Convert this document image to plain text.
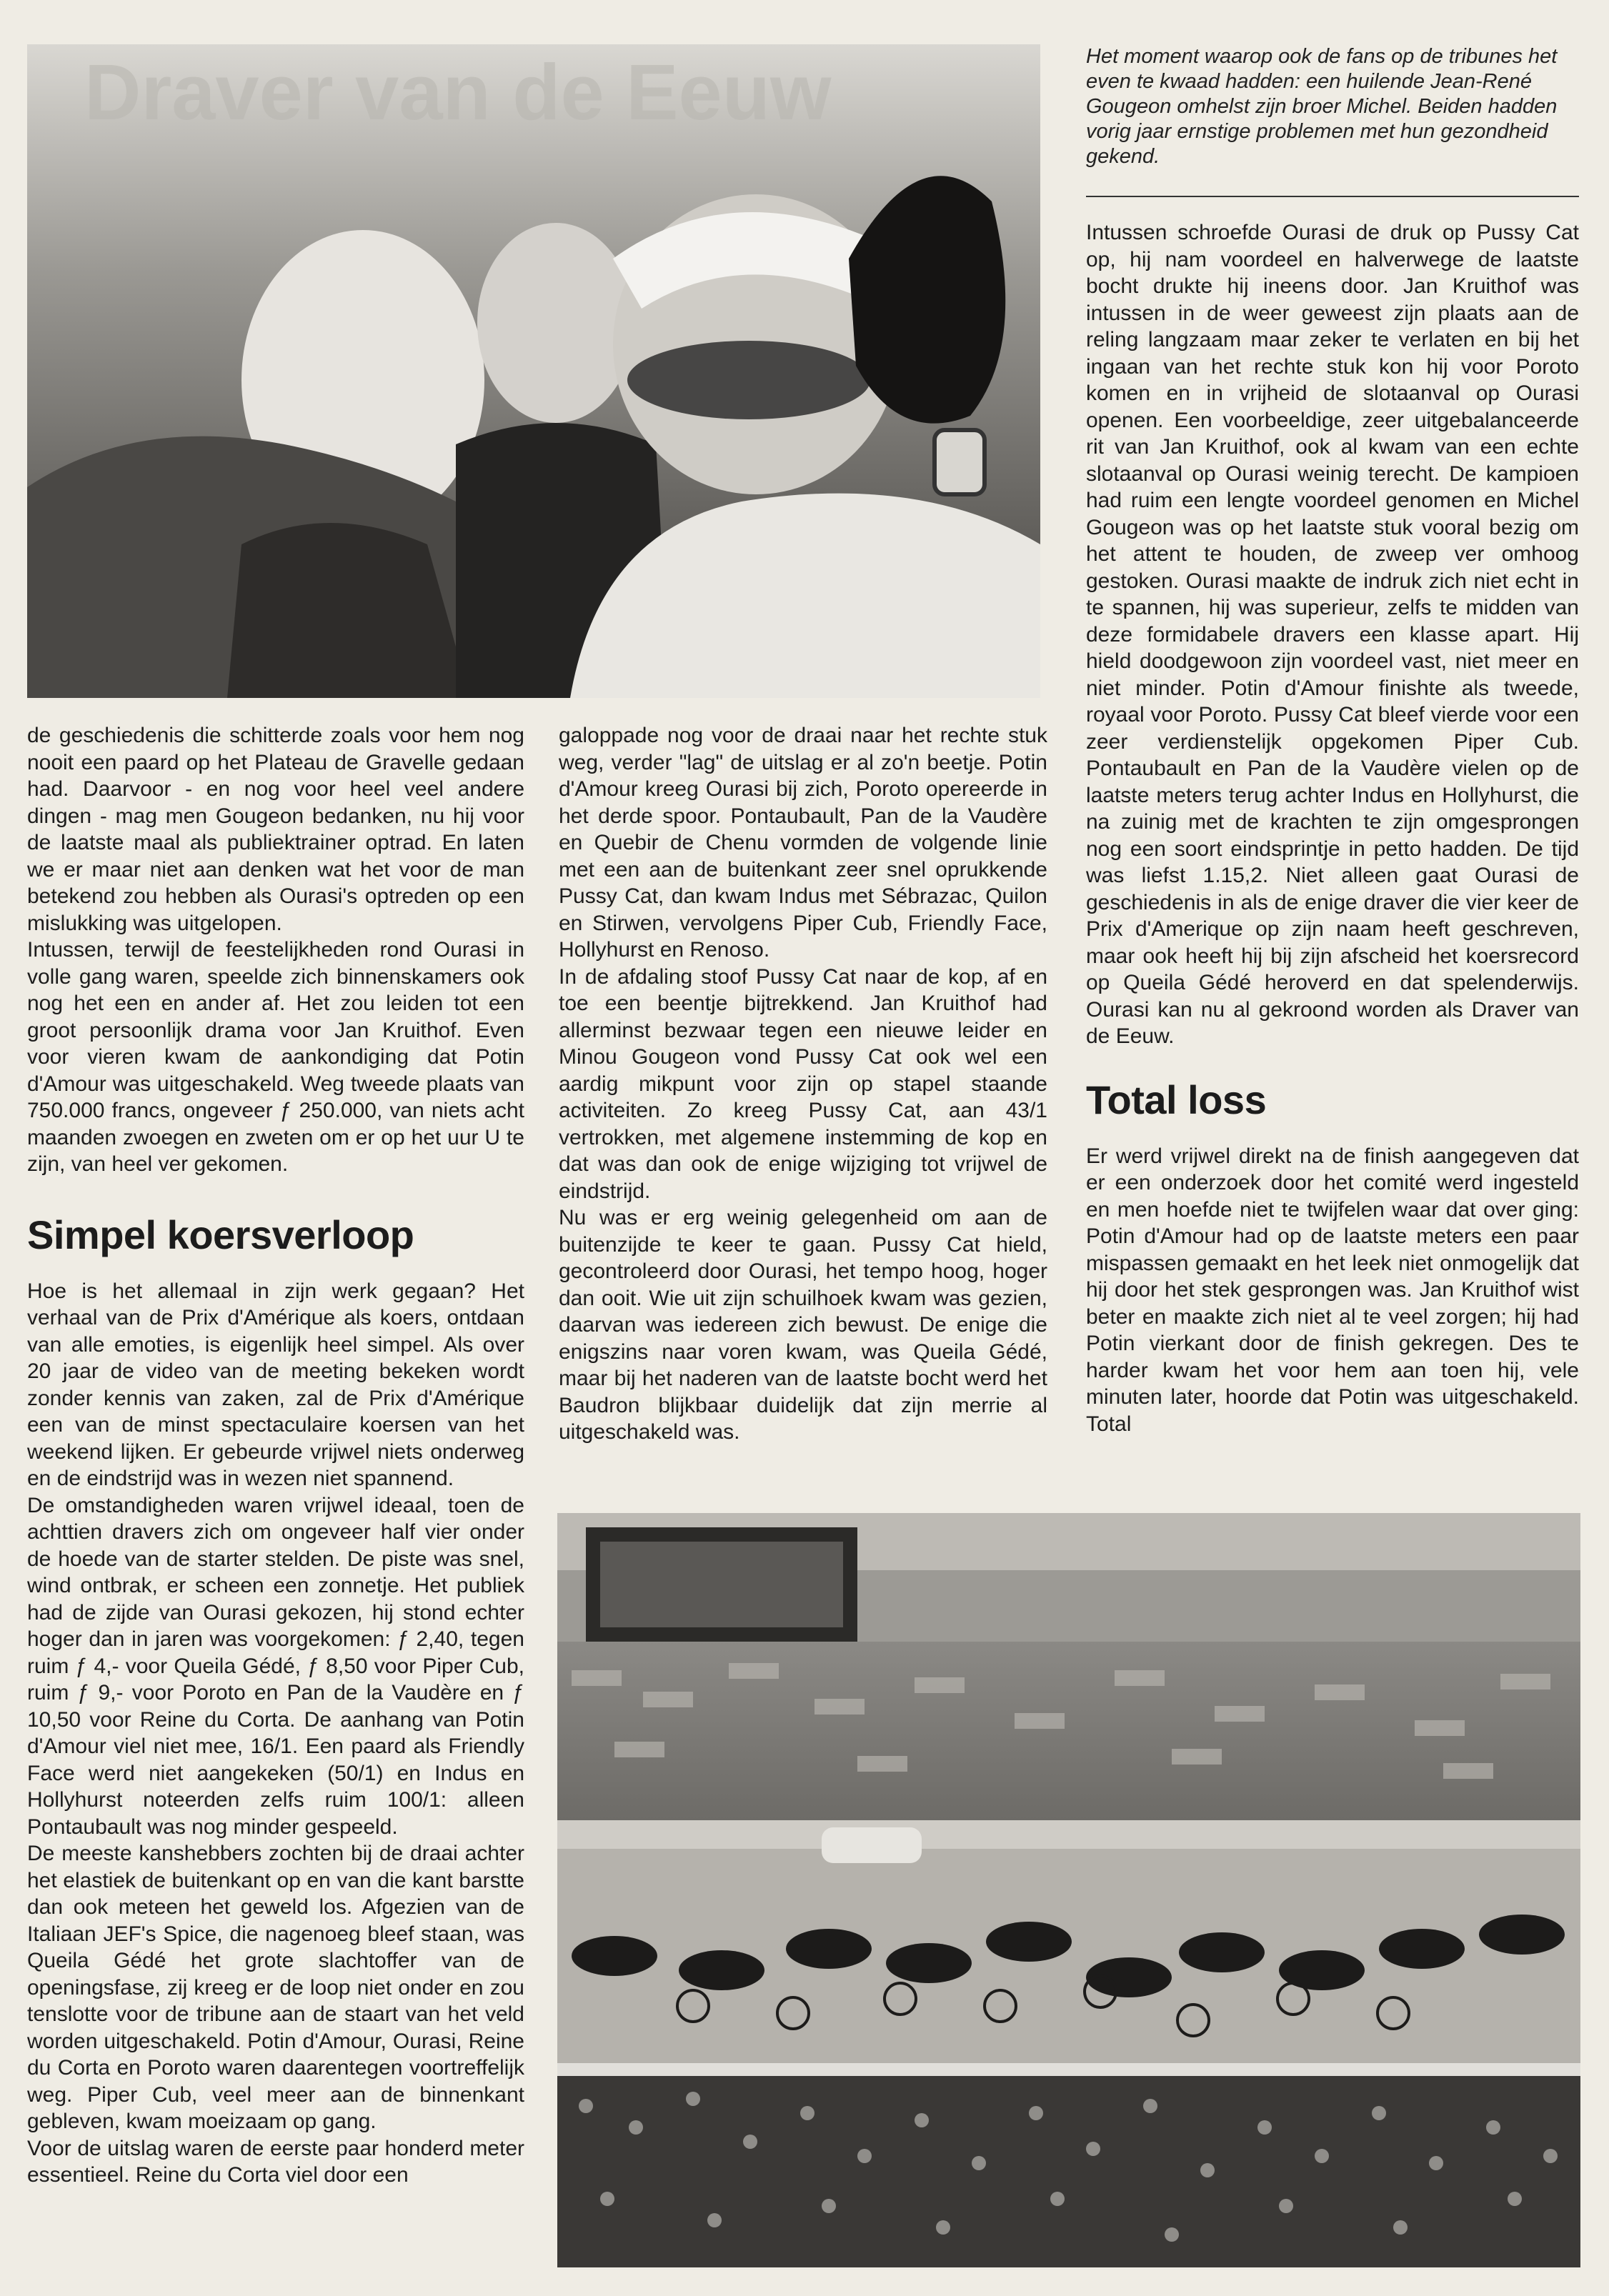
Draver van de Eeuw	Het moment waarop ook de fans op de tribunes het even te kwaad hadden: een huilende Jean-René Gougeon omhelst zijn broer Michel. Beiden hadden vorig jaar ernstige problemen met hun gezondheid gekend.

de geschiedenis die schitterde zoals voor hem nog nooit een paard op het Plateau de Gravelle gedaan had. Daarvoor - en nog voor heel veel andere dingen - mag men Gougeon bedanken, nu hij voor de laatste maal als publiektrainer optrad. En laten we er maar niet aan denken wat het voor de man betekend zou hebben als Ourasi's optreden op een mislukking was uitgelopen.

Intussen, terwijl de feestelijkheden rond Ourasi in volle gang waren, speelde zich binnenskamers ook nog het een en ander af. Het zou leiden tot een groot persoonlijk drama voor Jan Kruithof. Even voor vieren kwam de aankondiging dat Potin d'Amour was uitgeschakeld. Weg tweede plaats van 750.000 francs, ongeveer ƒ 250.000, van niets acht maanden zwoegen en zweten om er op het uur U te zijn, van heel ver gekomen.

Simpel koersverloop

Hoe is het allemaal in zijn werk gegaan? Het verhaal van de Prix d'Amérique als koers, ontdaan van alle emoties, is eigenlijk heel simpel. Als over 20 jaar de video van de meeting bekeken wordt zonder kennis van zaken, zal de Prix d'Amérique een van de minst spectaculaire koersen van het weekend lijken. Er gebeurde vrijwel niets onderweg en de eindstrijd was in wezen niet spannend.

De omstandigheden waren vrijwel ideaal, toen de achttien dravers zich om ongeveer half vier onder de hoede van de starter stelden. De piste was snel, wind ontbrak, er scheen een zonnetje. Het publiek had de zijde van Ourasi gekozen, hij stond echter hoger dan in jaren was voorgekomen: ƒ 2,40, tegen ruim ƒ 4,- voor Queila Gédé, ƒ 8,50 voor Piper Cub, ruim ƒ 9,- voor Poroto en Pan de la Vaudère en ƒ 10,50 voor Reine du Corta. De aanhang van Potin d'Amour viel niet mee, 16/1. Een paard als Friendly Face werd niet aangekeken (50/1) en Indus en Hollyhurst noteerden zelfs ruim 100/1: alleen Pontaubault was nog minder gespeeld.

De meeste kanshebbers zochten bij de draai achter het elastiek de buitenkant op en van die kant barstte dan ook meteen het geweld los. Afgezien van de Italiaan JEF's Spice, die nagenoeg bleef staan, was Queila Gédé het grote slachtoffer van de openingsfase, zij kreeg er de loop niet onder en zou tenslotte voor de tribune aan de staart van het veld worden uitgeschakeld. Potin d'Amour, Ourasi, Reine du Corta en Poroto waren daarentegen voortreffelijk weg. Piper Cub, veel meer aan de binnenkant gebleven, kwam moeizaam op gang.

Voor de uitslag waren de eerste paar honderd meter essentieel. Reine du Corta viel door een

galoppade nog voor de draai naar het rechte stuk weg, verder "lag" de uitslag er al zo'n beetje. Potin d'Amour kreeg Ourasi bij zich, Poroto opereerde in het derde spoor. Pontaubault, Pan de la Vaudère en Quebir de Chenu vormden de volgende linie met een aan de buitenkant zeer snel oprukkende Pussy Cat, dan kwam Indus met Sébrazac, Quilon en Stirwen, vervolgens Piper Cub, Friendly Face, Hollyhurst en Renoso.

In de afdaling stoof Pussy Cat naar de kop, af en toe een beentje bijtrekkend. Jan Kruithof had allerminst bezwaar tegen een nieuwe leider en Minou Gougeon vond Pussy Cat ook wel een aardig mikpunt voor zijn op stapel staande activiteiten. Zo kreeg Pussy Cat, aan 43/1 vertrokken, met algemene instemming de kop en dat was dan ook de enige wijziging tot vrijwel de eindstrijd.

Nu was er erg weinig gelegenheid om aan de buitenzijde te keer te gaan. Pussy Cat hield, gecontroleerd door Ourasi, het tempo hoog, hoger dan ooit. Wie uit zijn schuilhoek kwam was gezien, daarvan was iedereen zich bewust. De enige die enigszins naar voren kwam, was Queila Gédé, maar bij het naderen van de laatste bocht werd het Baudron blijkbaar duidelijk dat zijn merrie al uitgeschakeld was.

Intussen schroefde Ourasi de druk op Pussy Cat op, hij nam voordeel en halverwege de laatste bocht drukte hij ineens door. Jan Kruithof was intussen in de weer geweest zijn plaats aan de reling langzaam maar zeker te verlaten en bij het ingaan van het rechte stuk kon hij voor Poroto komen en in vrijheid de slotaanval op Ourasi openen. Een voorbeeldige, zeer uitgebalanceerde rit van Jan Kruithof, ook al kwam van een echte slotaanval op Ourasi weinig terecht. De kampioen had ruim een lengte voordeel genomen en Michel Gougeon was op het laatste stuk vooral bezig om het attent te houden, de zweep ver omhoog gestoken. Ourasi maakte de indruk zich niet echt in te spannen, hij was superieur, zelfs te midden van deze formidabele dravers een klasse apart. Hij hield doodgewoon zijn voordeel vast, niet meer en niet minder. Potin d'Amour finishte als tweede, royaal voor Poroto. Pussy Cat bleef vierde voor een zeer verdienstelijk opgekomen Piper Cub. Pontaubault en Pan de la Vaudère vielen op de laatste meters terug achter Indus en Hollyhurst, die na zuinig met de krachten te zijn omgesprongen nog een soort eindsprintje in petto hadden. De tijd was liefst 1.15,2. Niet alleen gaat Ourasi de geschiedenis in als de enige draver die vier keer de Prix d'Amerique op zijn naam heeft geschreven, maar ook heeft hij bij zijn afscheid het koersrecord op Queila Gédé heroverd en dat spelenderwijs. Ourasi kan nu al gekroond worden als Draver van de Eeuw.

Total loss

Er werd vrijwel direkt na de finish aangegeven dat er een onderzoek door het comité werd ingesteld en men hoefde niet te twijfelen waar dat over ging: Potin d'Amour had op de laatste meters een paar mispassen gemaakt en het leek niet onmogelijk dat hij door het stek gesprongen was. Jan Kruithof wist beter en maakte zich niet al te veel zorgen; hij had Potin vierkant door de finish gekregen. Des te harder kwam het voor hem aan toen hij, vele minuten later, hoorde dat Potin was uitgeschakeld. Total
